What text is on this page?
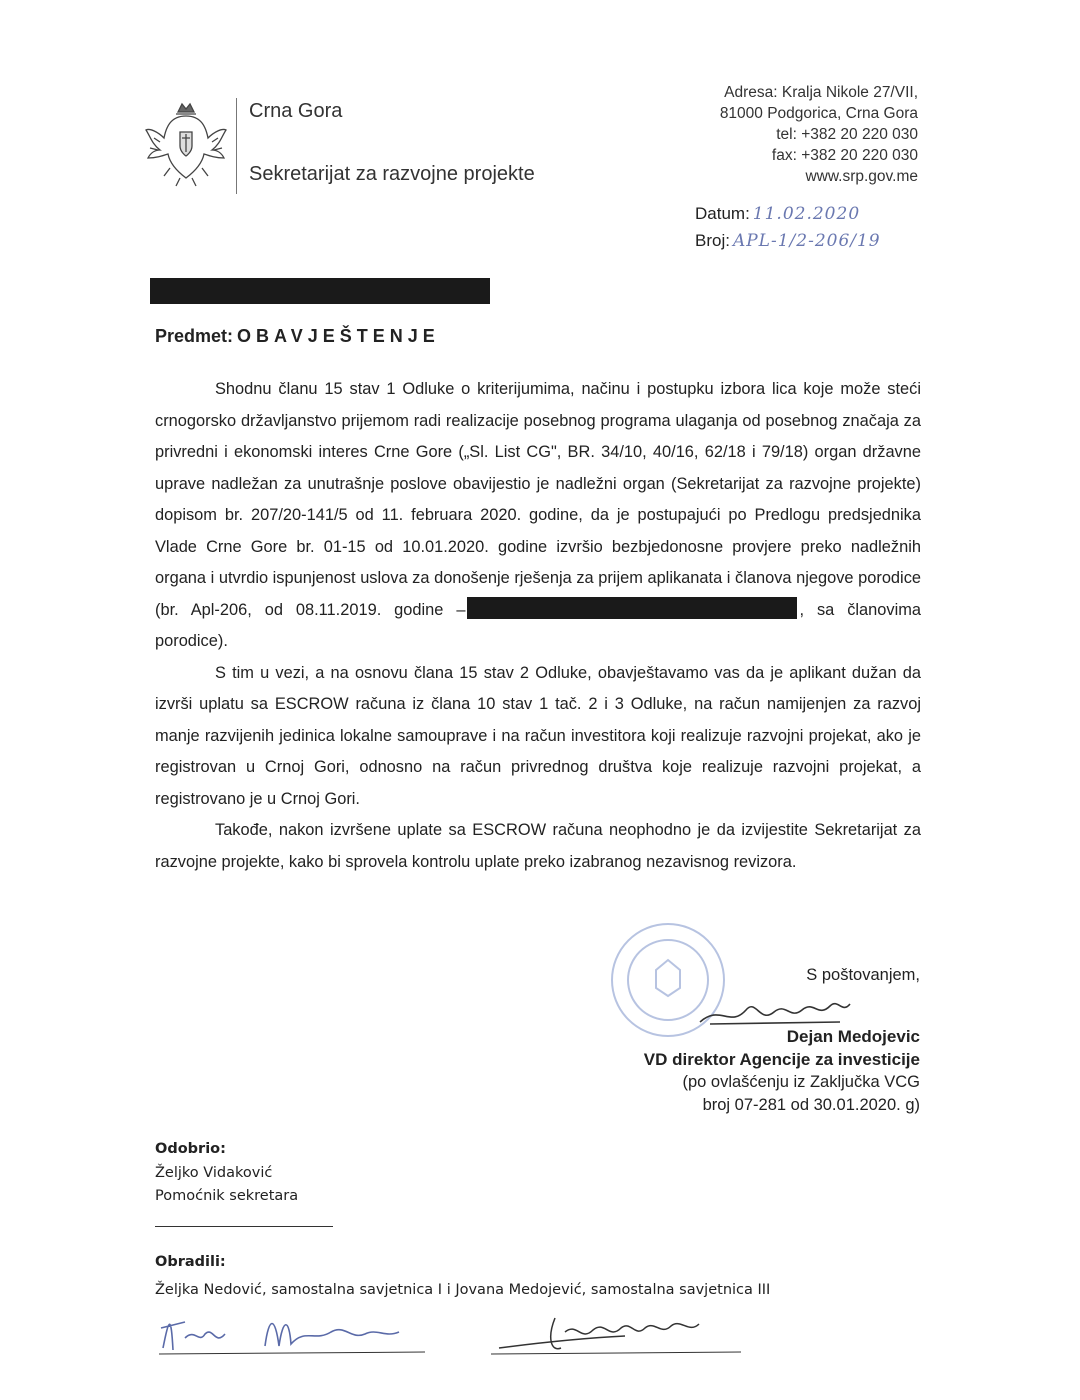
Crna Gora
Sekretarijat za razvojne projekte
Adresa: Kralja Nikole 27/VII,
81000 Podgorica, Crna Gora
tel: +382 20 220 030
fax: +382 20 220 030
www.srp.gov.me
Datum: 11.02.2020
Broj: APL-1/2-206/19
Predmet: OBAVJEŠTENJE

Shodnu članu 15 stav 1 Odluke o kriterijumima, načinu i postupku izbora lica koje može steći crnogorsko državljanstvo prijemom radi realizacije posebnog programa ulaganja od posebnog značaja za privredni i ekonomski interes Crne Gore („Sl. List CG", BR. 34/10, 40/16, 62/18 i 79/18) organ državne uprave nadležan za unutrašnje poslove obavijestio je nadležni organ (Sekretarijat za razvojne projekte) dopisom br. 207/20-141/5 od 11. februara 2020. godine, da je postupajući po Predlogu predsjednika Vlade Crne Gore br. 01-15 od 10.01.2020. godine izvršio bezbjedonosne provjere preko nadležnih organa i utvrdio ispunjenost uslova za donošenje rješenja za prijem aplikanata i članova njegove porodice (br. Apl-206, od 08.11.2019. godine –	, sa članovima porodice).

S tim u vezi, a na osnovu člana 15 stav 2 Odluke, obavještavamo vas da je aplikant dužan da izvrši uplatu sa ESCROW računa iz člana 10 stav 1 tač. 2 i 3 Odluke, na račun namijenjen za razvoj manje razvijenih jedinica lokalne samouprave i na račun investitora koji realizuje razvojni projekat, ako je registrovan u Crnoj Gori, odnosno na račun privrednog društva koje realizuje razvojni projekat, a registrovano je u Crnoj Gori.

Takođe, nakon izvršene uplate sa ESCROW računa neophodno je da izvijestite Sekretarijat za razvojne projekte, kako bi sprovela kontrolu uplate preko izabranog nezavisnog revizora.

S poštovanjem,
Dejan Medojevic
VD direktor Agencije za investicije
(po ovlašćenju iz Zaključka VCG
broj 07-281 od 30.01.2020. g)
Odobrio:
Željko Vidaković
Pomoćnik sekretara
Obradili:
Željka Nedović, samostalna savjetnica I i Jovana Medojević, samostalna savjetnica III
